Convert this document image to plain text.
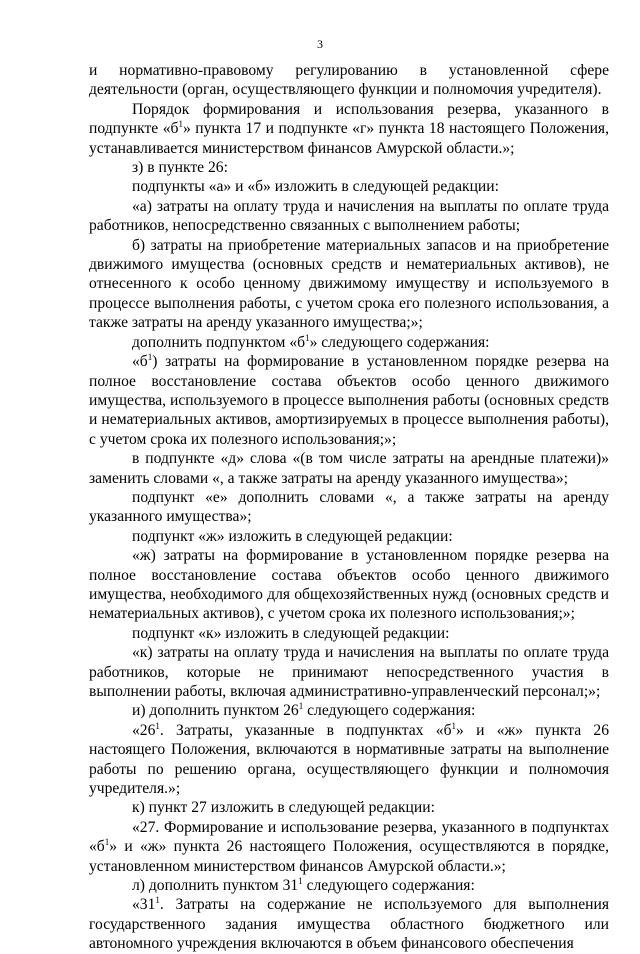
3

и нормативно-правовому регулированию в установленной сфере деятельности (орган, осуществляющего функции и полномочия учредителя).

Порядок формирования и использования резерва, указанного в подпункте «$б^1$» пункта 17 и подпункте «г» пункта 18 настоящего Положения, устанавливается министерством финансов Амурской области.»;

з) в пункте 26:

подпункты «а» и «б» изложить в следующей редакции:

«а) затраты на оплату труда и начисления на выплаты по оплате труда работников, непосредственно связанных с выполнением работы;

б) затраты на приобретение материальных запасов и на приобретение движимого имущества (основных средств и нематериальных активов), не отнесенного к особо ценному движимому имуществу и используемого в процессе выполнения работы, с учетом срока его полезного использования, а также затраты на аренду указанного имущества;»;

дополнить подпунктом «$б^1$» следующего содержания:

«$б^1$) затраты на формирование в установленном порядке резерва на полное восстановление состава объектов особо ценного движимого имущества, используемого в процессе выполнения работы (основных средств и нематериальных активов, амортизируемых в процессе выполнения работы), с учетом срока их полезного использования;»;

в подпункте «д» слова «(в том числе затраты на арендные платежи)» заменить словами «, а также затраты на аренду указанного имущества»;

подпункт «е» дополнить словами «, а также затраты на аренду указанного имущества»;

подпункт «ж» изложить в следующей редакции:

«ж) затраты на формирование в установленном порядке резерва на полное восстановление состава объектов особо ценного движимого имущества, необходимого для общехозяйственных нужд (основных средств и нематериальных активов), с учетом срока их полезного использования;»;

подпункт «к» изложить в следующей редакции:

«к) затраты на оплату труда и начисления на выплаты по оплате труда работников, которые не принимают непосредственного участия в выполнении работы, включая административно-управленческий персонал;»;

и) дополнить пунктом $26^1$ следующего содержания:

«$26^1$. Затраты, указанные в подпунктах «$б^1$» и «ж» пункта 26 настоящего Положения, включаются в нормативные затраты на выполнение работы по решению органа, осуществляющего функции и полномочия учредителя.»;

к) пункт 27 изложить в следующей редакции:

«27. Формирование и использование резерва, указанного в подпунктах «$б^1$» и «ж» пункта 26 настоящего Положения, осуществляются в порядке, установленном министерством финансов Амурской области.»;

л) дополнить пунктом $31^1$ следующего содержания:

«$31^1$. Затраты на содержание не используемого для выполнения государственного задания имущества областного бюджетного или автономного учреждения включаются в объем финансового обеспечения
